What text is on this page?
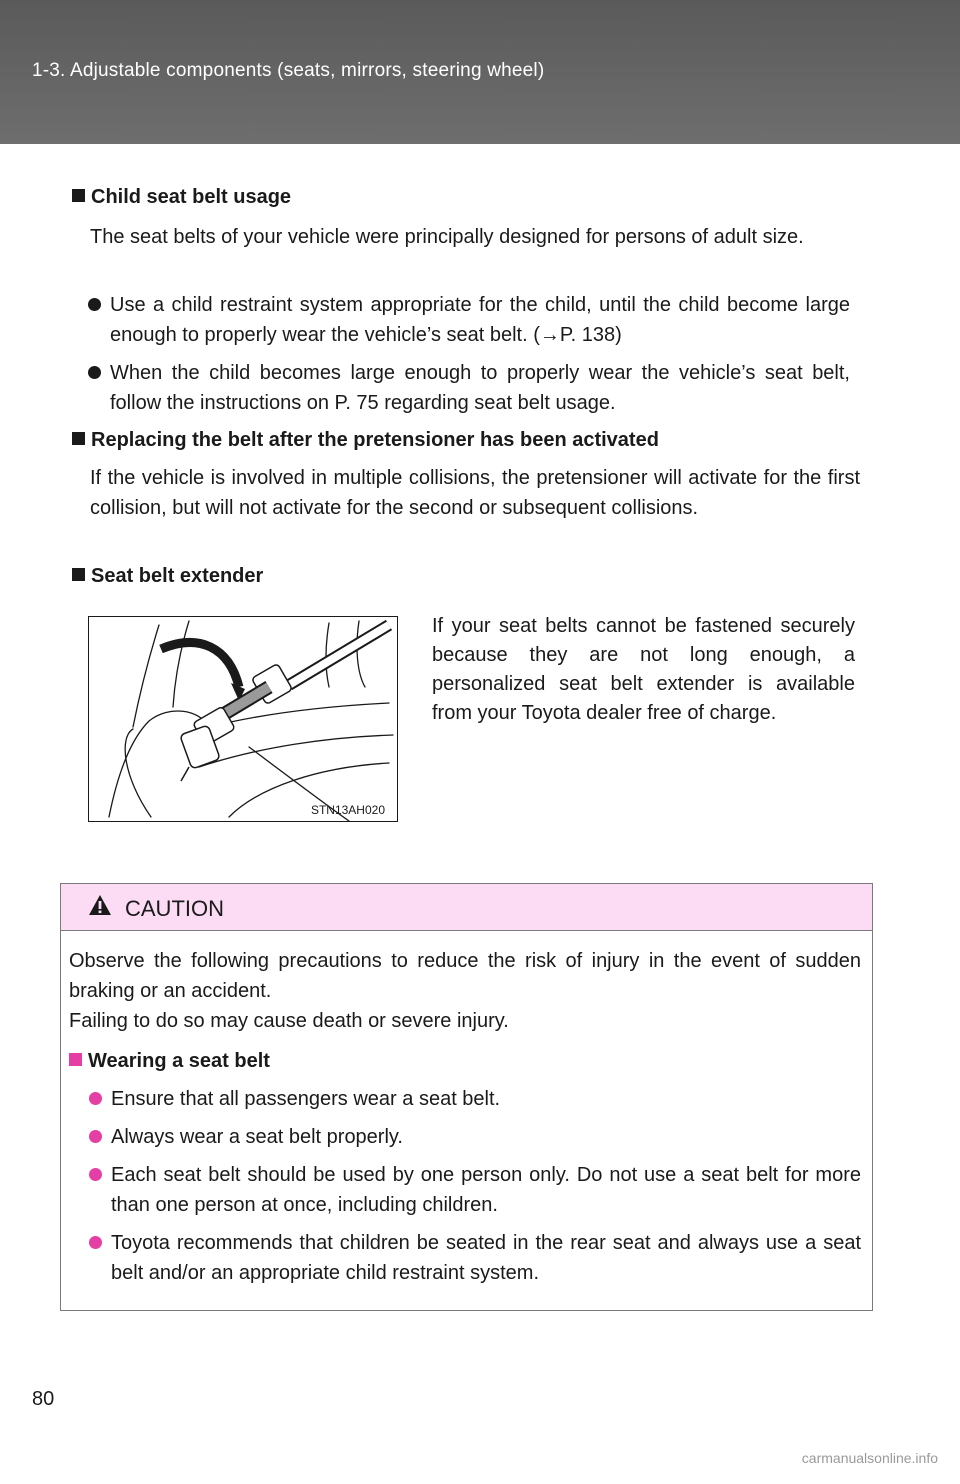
1-3. Adjustable components (seats, mirrors, steering wheel)
Child seat belt usage
The seat belts of your vehicle were principally designed for persons of adult size.
Use a child restraint system appropriate for the child, until the child become large enough to properly wear the vehicle’s seat belt. (→P. 138)
When the child becomes large enough to properly wear the vehicle’s seat belt, follow the instructions on P. 75 regarding seat belt usage.
Replacing the belt after the pretensioner has been activated
If the vehicle is involved in multiple collisions, the pretensioner will activate for the first collision, but will not activate for the second or subsequent collisions.
Seat belt extender
STN13AH020
If your seat belts cannot be fastened securely because they are not long enough, a personalized seat belt extender is available from your Toyota dealer free of charge.
CAUTION

Observe the following precautions to reduce the risk of injury in the event of sudden braking or an accident.

Failing to do so may cause death or severe injury.

Wearing a seat belt

Ensure that all passengers wear a seat belt.

Always wear a seat belt properly.

Each seat belt should be used by one person only. Do not use a seat belt for more than one person at once, including children.

Toyota recommends that children be seated in the rear seat and always use a seat belt and/or an appropriate child restraint system.

80
carmanualsonline.info
